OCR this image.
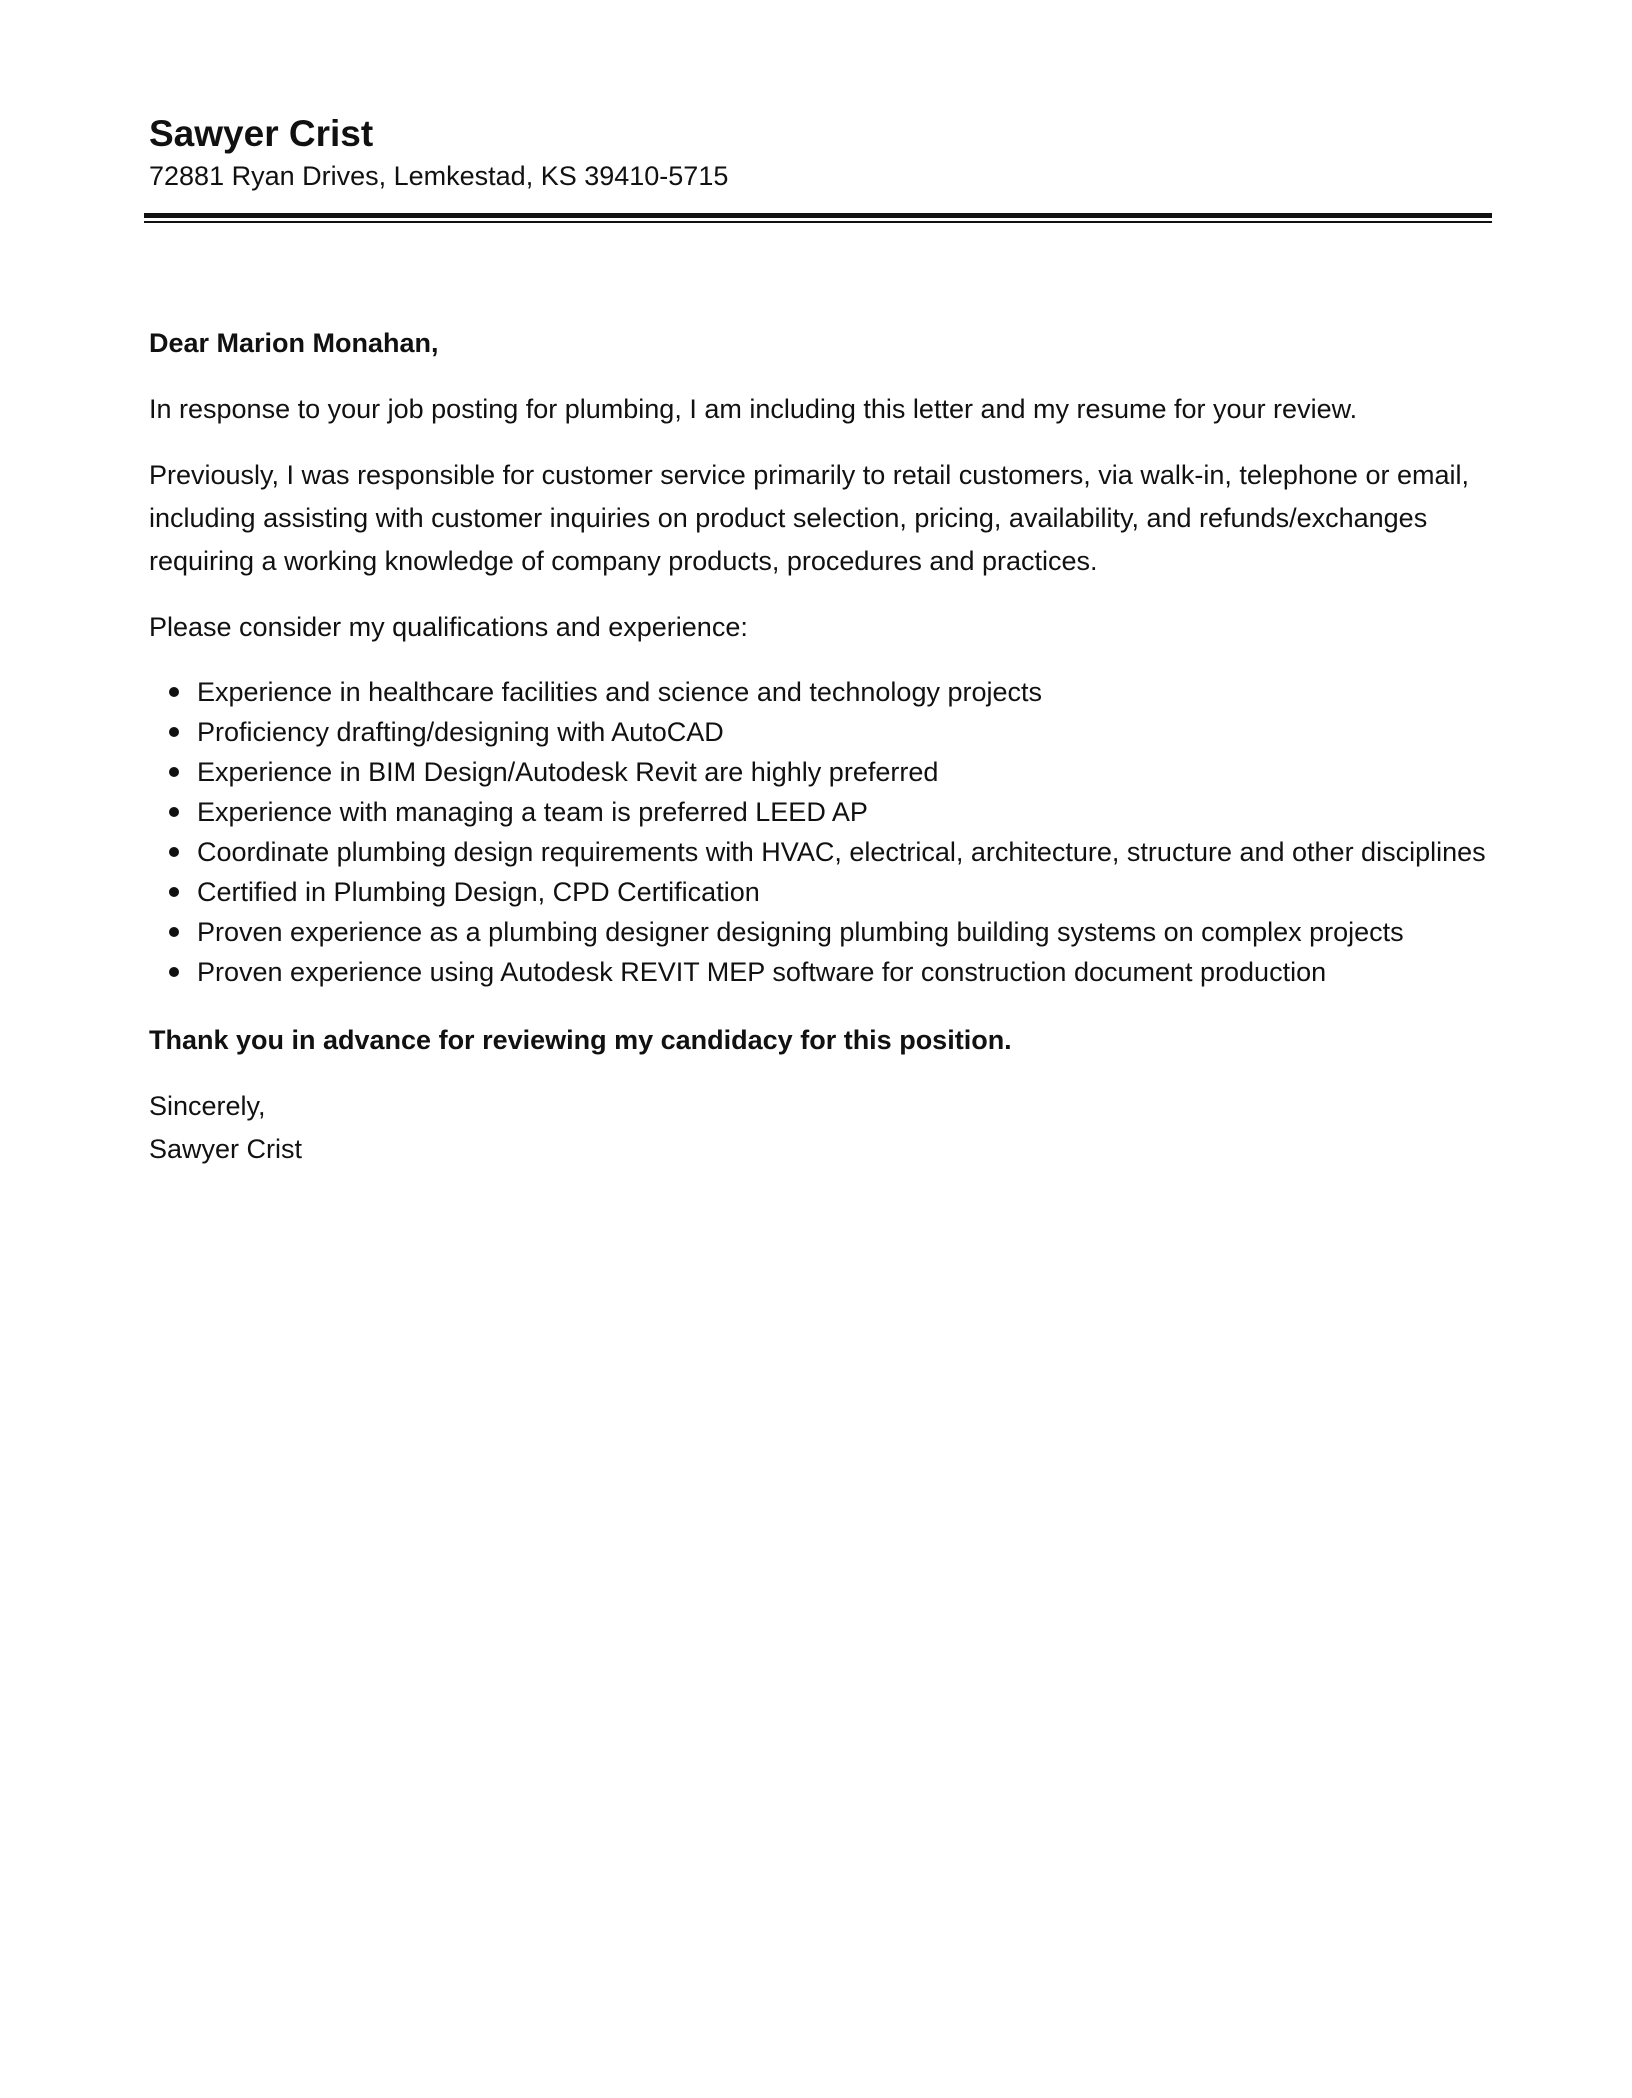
Sawyer Crist

72881 Ryan Drives, Lemkestad, KS 39410-5715

Dear Marion Monahan,

In response to your job posting for plumbing, I am including this letter and my resume for your review.

Previously, I was responsible for customer service primarily to retail customers, via walk-in, telephone or email, including assisting with customer inquiries on product selection, pricing, availability, and refunds/exchanges requiring a working knowledge of company products, procedures and practices.

Please consider my qualifications and experience:

Experience in healthcare facilities and science and technology projects
Proficiency drafting/designing with AutoCAD
Experience in BIM Design/Autodesk Revit are highly preferred
Experience with managing a team is preferred LEED AP
Coordinate plumbing design requirements with HVAC, electrical, architecture, structure and other disciplines
Certified in Plumbing Design, CPD Certification
Proven experience as a plumbing designer designing plumbing building systems on complex projects
Proven experience using Autodesk REVIT MEP software for construction document production

Thank you in advance for reviewing my candidacy for this position.

Sincerely,

Sawyer Crist
